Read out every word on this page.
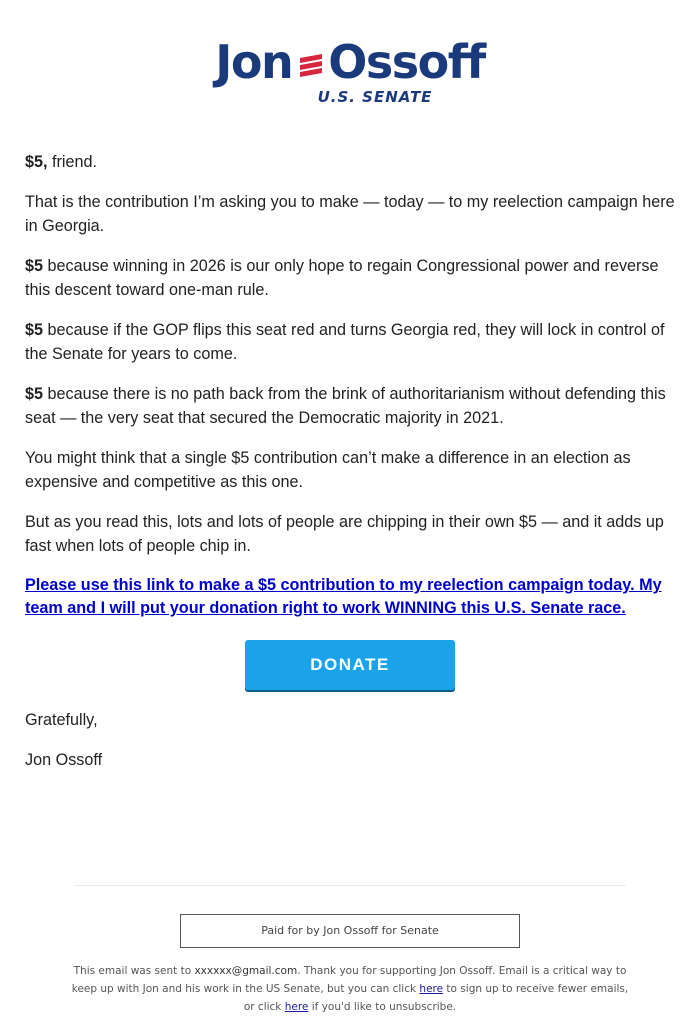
Jon Ossoff
U.S. SENATE

$5, friend.

That is the contribution I’m asking you to make — today — to my reelection campaign here in Georgia.

$5 because winning in 2026 is our only hope to regain Congressional power and reverse this descent toward one-man rule.

$5 because if the GOP flips this seat red and turns Georgia red, they will lock in control of the Senate for years to come.

$5 because there is no path back from the brink of authoritarianism without defending this seat — the very seat that secured the Democratic majority in 2021.

You might think that a single $5 contribution can’t make a difference in an election as expensive and competitive as this one.

But as you read this, lots and lots of people are chipping in their own $5 — and it adds up fast when lots of people chip in.

Please use this link to make a $5 contribution to my reelection campaign today. My team and I will put your donation right to work WINNING this U.S. Senate race.
DONATE

Gratefully,

Jon Ossoff

Paid for by Jon Ossoff for Senate
This email was sent to xxxxxx@gmail.com. Thank you for supporting Jon Ossoff. Email is a critical way to keep up with Jon and his work in the US Senate, but you can click here to sign up to receive fewer emails, or click here if you'd like to unsubscribe.
